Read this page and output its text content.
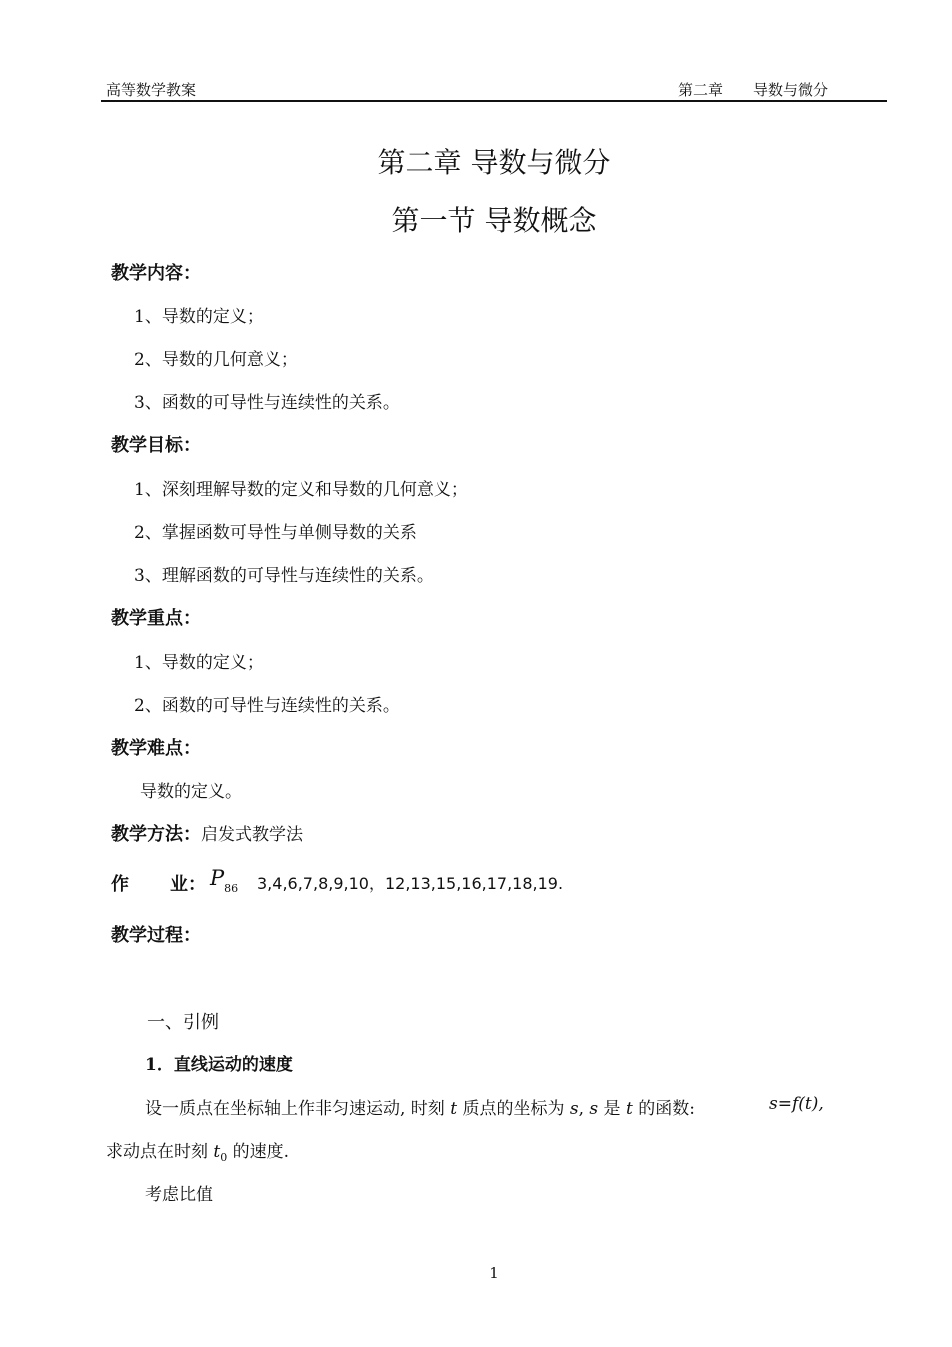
高等数学教案	第二章 导数与微分
第二章 导数与微分
第一节 导数概念
教学内容：
1、导数的定义；
2、导数的几何意义；
3、函数的可导性与连续性的关系。
教学目标：
1、深刻理解导数的定义和导数的几何意义；
2、掌握函数可导性与单侧导数的关系
3、理解函数的可导性与连续性的关系。
教学重点：
1、导数的定义；
2、函数的可导性与连续性的关系。
教学难点：
导数的定义。
教学方法：启发式教学法
作 业： $P_{86}$ 3,4,6,7,8,9,10，12,13,15,16,17,18,19.
教学过程：
一、引例
1．直线运动的速度
设一质点在坐标轴上作非匀速运动, 时刻 t 质点的坐标为 s, s 是 t 的函数:	s=f(t),
求动点在时刻 $t_0$ 的速度.
考虑比值
1
